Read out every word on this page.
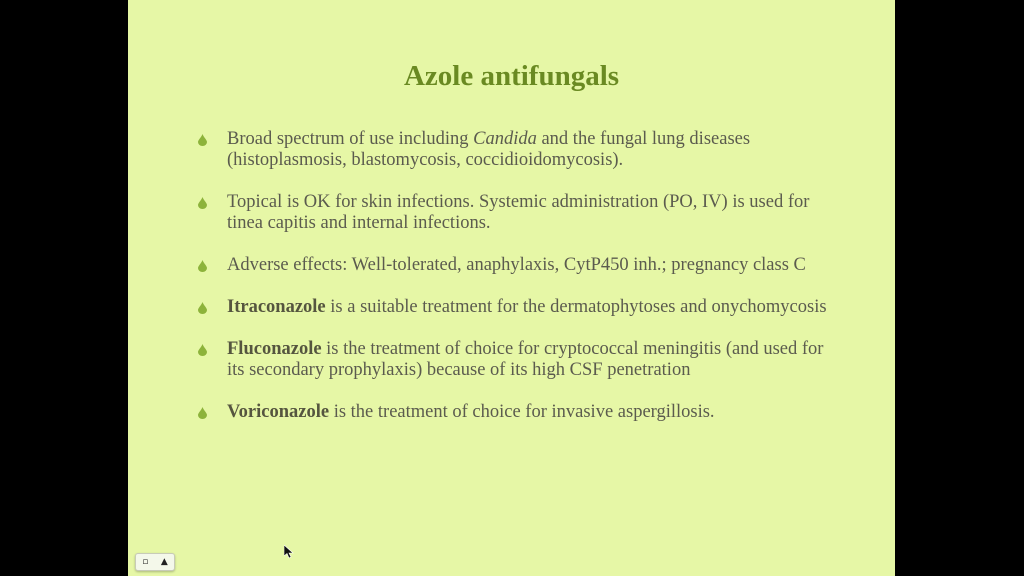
Azole antifungals
Broad spectrum of use including Candida and the fungal lung diseases (histoplasmosis, blastomycosis, coccidioidomycosis).
Topical is OK for skin infections. Systemic administration (PO, IV) is used for tinea capitis and internal infections.
Adverse effects: Well-tolerated, anaphylaxis, CytP450 inh.; pregnancy class C
Itraconazole is a suitable treatment for the dermatophytoses and onychomycosis
Fluconazole is the treatment of choice for cryptococcal meningitis (and used for its secondary prophylaxis) because of its high CSF penetration
Voriconazole is the treatment of choice for invasive aspergillosis.
▫ ▲
